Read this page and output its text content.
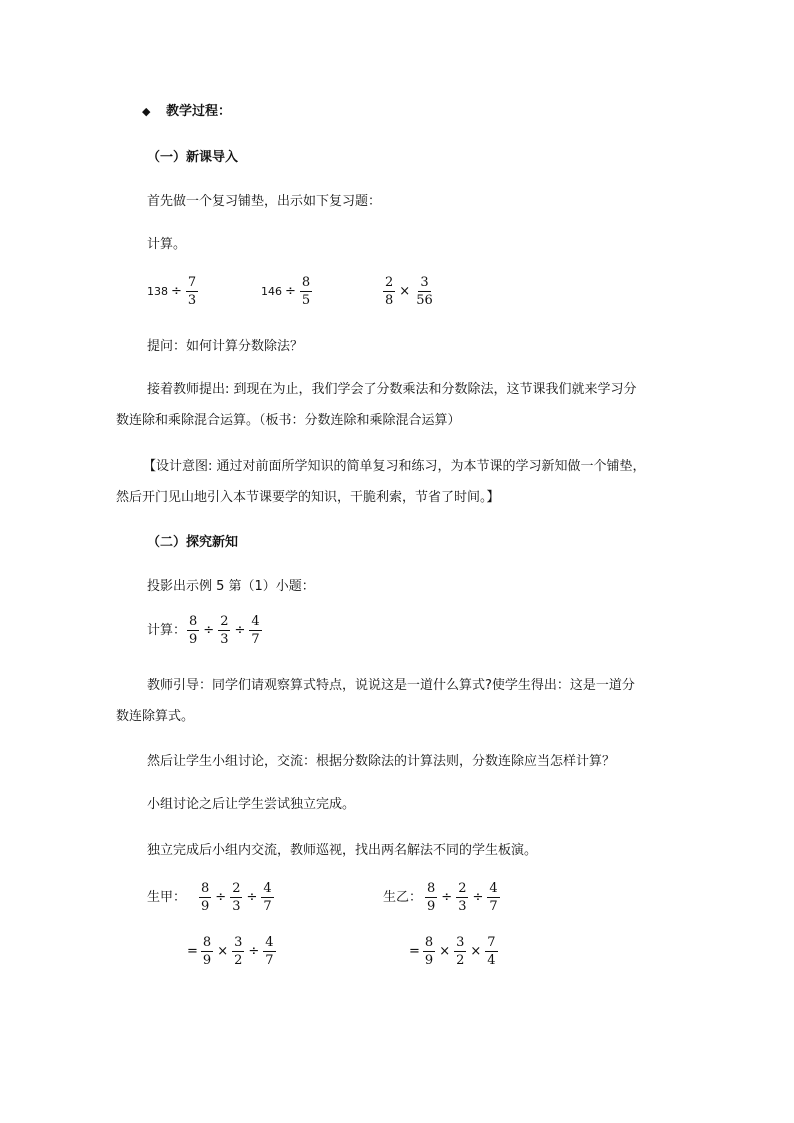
◆ 教学过程：
（一）新课导入
首先做一个复习铺垫，出示如下复习题：
计算。
$138 \div \frac{7}{3}$	$146 \div \frac{8}{5}$	$\frac{2}{8} \times \frac{3}{56}$
提问：如何计算分数除法？
接着教师提出: 到现在为止，我们学会了分数乘法和分数除法，这节课我们就来学习分
数连除和乘除混合运算。（板书：分数连除和乘除混合运算）
【设计意图: 通过对前面所学知识的简单复习和练习，为本节课的学习新知做一个铺垫，
然后开门见山地引入本节课要学的知识，干脆利索，节省了时间。】
（二）探究新知
投影出示例 5 第（1）小题：
计算： $\frac{8}{9} \div \frac{2}{3} \div \frac{4}{7}$
教师引导：同学们请观察算式特点，说说这是一道什么算式?使学生得出：这是一道分
数连除算式。
然后让学生小组讨论，交流：根据分数除法的计算法则，分数连除应当怎样计算？
小组讨论之后让学生尝试独立完成。
独立完成后小组内交流，教师巡视，找出两名解法不同的学生板演。
生甲： $\frac{8}{9} \div \frac{2}{3} \div \frac{4}{7}$
= $\frac{8}{9} \times \frac{3}{2} \div \frac{4}{7}$
生乙： $\frac{8}{9} \div \frac{2}{3} \div \frac{4}{7}$
= $\frac{8}{9} \times \frac{3}{2} \times \frac{7}{4}$
